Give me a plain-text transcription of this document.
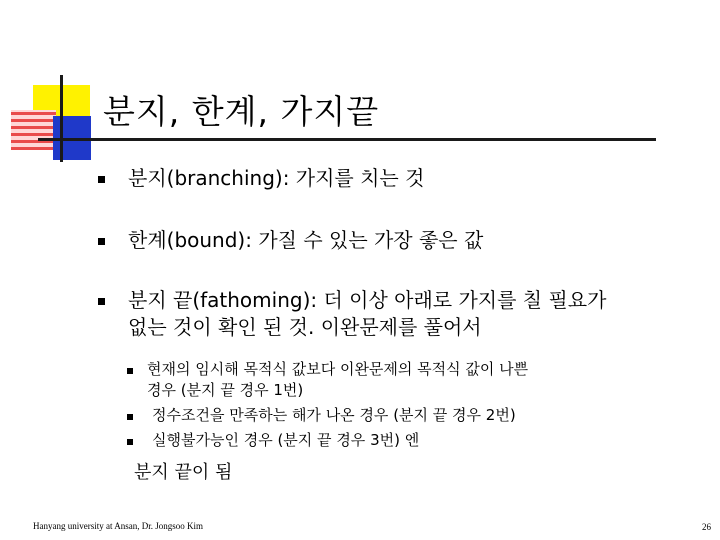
분지, 한계, 가지끝
분지(branching): 가지를 치는 것
한계(bound): 가질 수 있는 가장 좋은 값
분지 끝(fathoming): 더 이상 아래로 가지를 칠 필요가
없는 것이 확인 된 것. 이완문제를 풀어서
현재의 임시해 목적식 값보다 이완문제의 목적식 값이 나쁜
경우 (분지 끝 경우 1번)
정수조건을 만족하는 해가 나온 경우 (분지 끝 경우 2번)
실행불가능인 경우 (분지 끝 경우 3번) 엔
분지 끝이 됨
Hanyang university at Ansan, Dr. Jongsoo Kim	26
